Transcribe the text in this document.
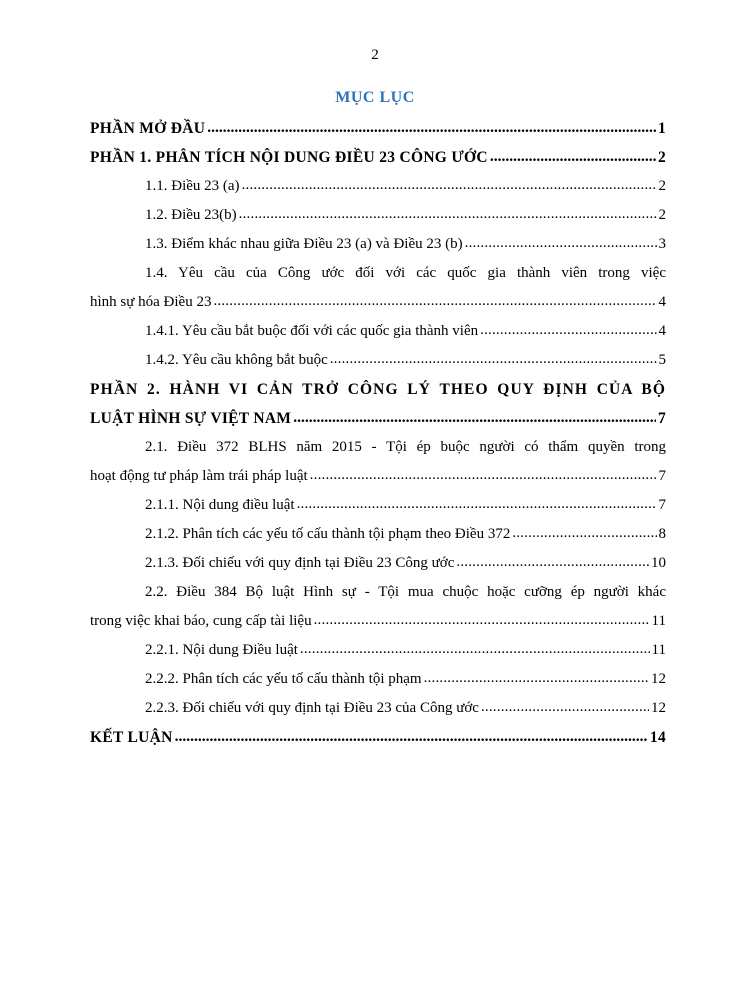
2
MỤC LỤC
PHẦN MỞ ĐẦU .....	1
PHẦN 1. PHÂN TÍCH NỘI DUNG ĐIỀU 23 CÔNG ƯỚC .....	2
1.1. Điều 23 (a) .....	2
1.2. Điều 23(b) .....	2
1.3. Điểm khác nhau giữa Điều 23 (a) và Điều 23 (b) .....	3
1.4. Yêu cầu của Công ước đối với các quốc gia thành viên trong việc
hình sự hóa Điều 23 .....	4
1.4.1. Yêu cầu bắt buộc đối với các quốc gia thành viên .....	4
1.4.2. Yêu cầu không bắt buộc .....	5
PHẦN 2. HÀNH VI CẢN TRỞ CÔNG LÝ THEO QUY ĐỊNH CỦA BỘ
LUẬT HÌNH SỰ VIỆT NAM .....	7
2.1. Điều 372 BLHS năm 2015 - Tội ép buộc người có thẩm quyền trong
hoạt động tư pháp làm trái pháp luật .....	7
2.1.1. Nội dung điều luật .....	7
2.1.2. Phân tích các yếu tố cấu thành tội phạm theo Điều 372 .....	8
2.1.3. Đối chiếu với quy định tại Điều 23 Công ước .....	10
2.2. Điều 384 Bộ luật Hình sự - Tội mua chuộc hoặc cưỡng ép người khác
trong việc khai báo, cung cấp tài liệu .....	11
2.2.1. Nội dung Điều luật .....	11
2.2.2. Phân tích các yếu tố cấu thành tội phạm .....	12
2.2.3. Đối chiếu với quy định tại Điều 23 của Công ước .....	12
KẾT LUẬN .....	14
